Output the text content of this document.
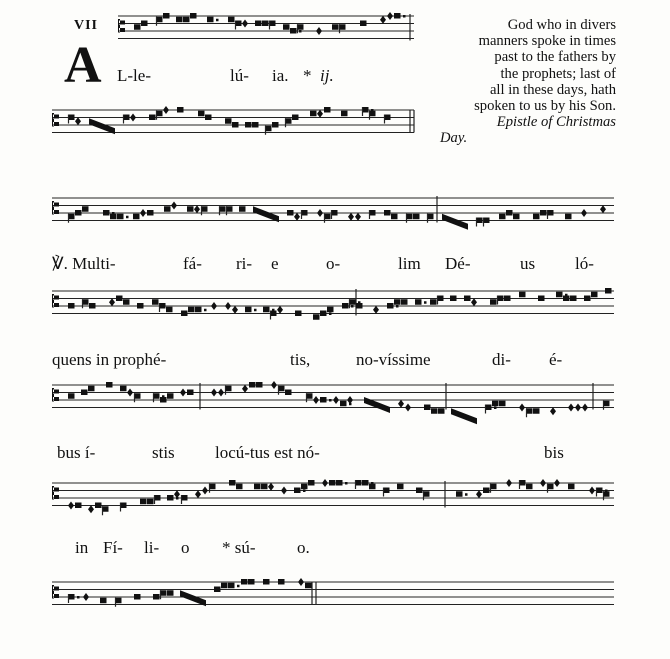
VII
A
God who in divers
manners spoke in times
past to the fathers by
the prophets; last of
all in these days, hath
spoken to us by his Son.
Epistle of Christmas
Day.
L-le-	lú- ia. * ij.
℣. Multi-	fá- ri- e	o-	lim Dé-	us ló-
quens in prophé-	tis,	no-víssime	di- é-
bus í-	stis locú-tus est nó-	bis
in Fí- li- o * sú- o.
